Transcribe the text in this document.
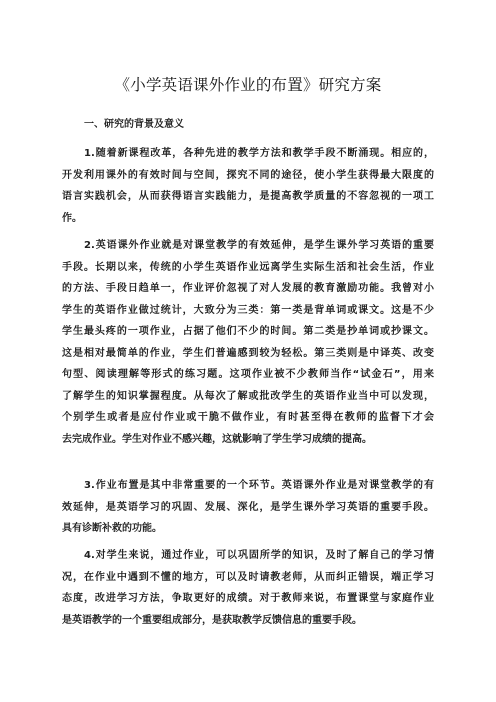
《小学英语课外作业的布置》研究方案
一、研究的背景及意义
1.随着新课程改革，各种先进的教学方法和教学手段不断涌现。相应的，
开发利用课外的有效时间与空间，探究不同的途径，使小学生获得最大限度的
语言实践机会，从而获得语言实践能力，是提高教学质量的不容忽视的一项工
作。
2.英语课外作业就是对课堂教学的有效延伸，是学生课外学习英语的重要
手段。长期以来，传统的小学生英语作业远离学生实际生活和社会生活，作业
的方法、手段日趋单一，作业评价忽视了对人发展的教育激励功能。我曾对小
学生的英语作业做过统计，大致分为三类：第一类是背单词或课文。这是不少
学生最头疼的一项作业，占据了他们不少的时间。第二类是抄单词或抄课文。
这是相对最简单的作业，学生们普遍感到较为轻松。第三类则是中译英、改变
句型、阅读理解等形式的练习题。这项作业被不少教师当作“试金石”，用来
了解学生的知识掌握程度。从每次了解或批改学生的英语作业当中可以发现，
个别学生或者是应付作业或干脆不做作业，有时甚至得在教师的监督下才会
去完成作业。学生对作业不感兴趣，这就影响了学生学习成绩的提高。
3.作业布置是其中非常重要的一个环节。英语课外作业是对课堂教学的有
效延伸，是英语学习的巩固、发展、深化，是学生课外学习英语的重要手段。
具有诊断补救的功能。
4.对学生来说，通过作业，可以巩固所学的知识，及时了解自己的学习情
况，在作业中遇到不懂的地方，可以及时请教老师，从而纠正错误，端正学习
态度，改进学习方法，争取更好的成绩。对于教师来说，布置课堂与家庭作业
是英语教学的一个重要组成部分，是获取教学反馈信息的重要手段。
